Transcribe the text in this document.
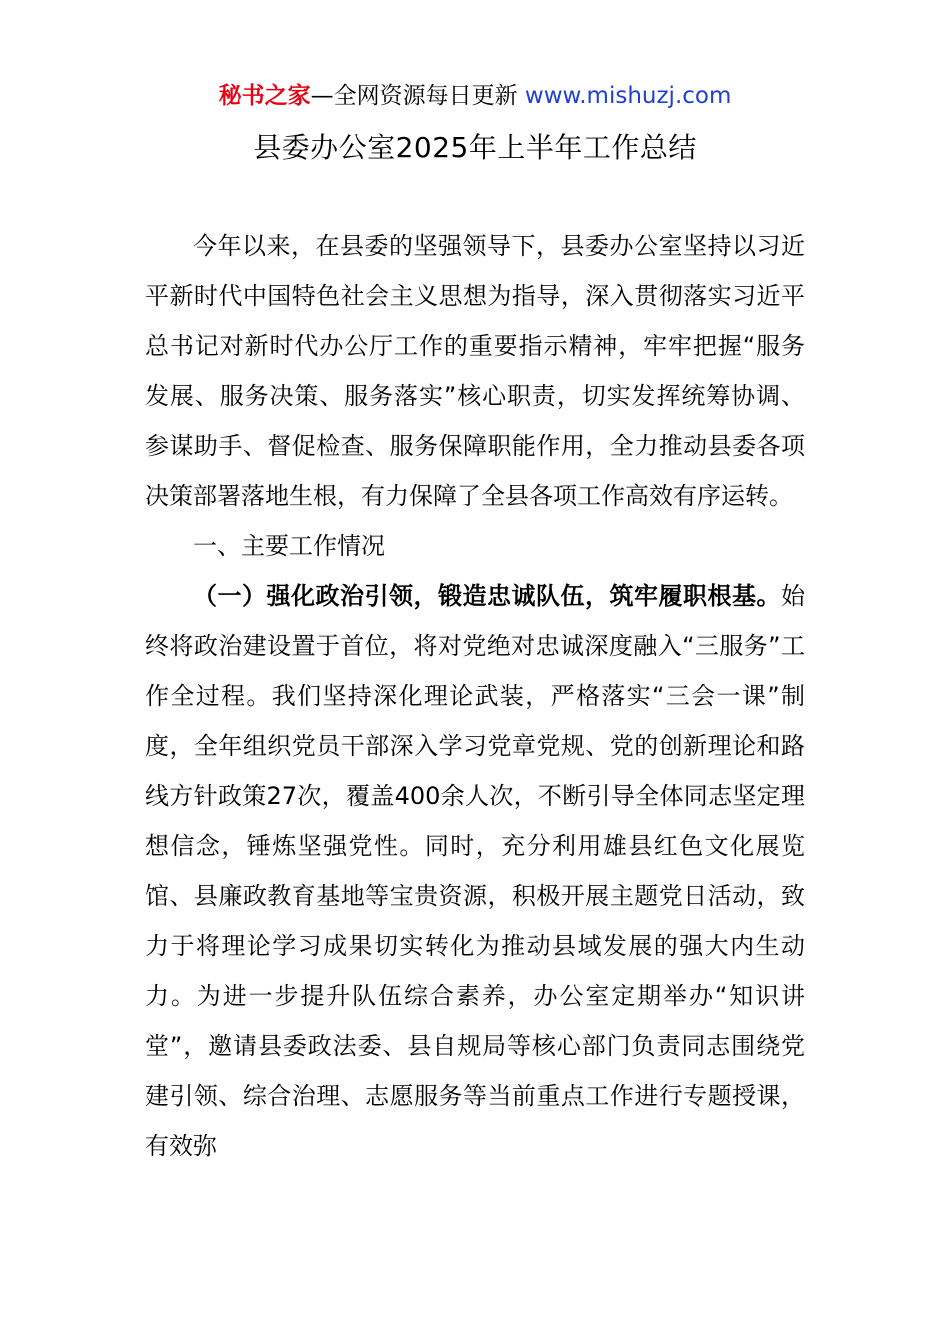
秘书之家—全网资源每日更新 www.mishuzj.com
县委办公室2025年上半年工作总结

今年以来，在县委的坚强领导下，县委办公室坚持以习近平新时代中国特色社会主义思想为指导，深入贯彻落实习近平总书记对新时代办公厅工作的重要指示精神，牢牢把握“服务发展、服务决策、服务落实”核心职责，切实发挥统筹协调、参谋助手、督促检查、服务保障职能作用，全力推动县委各项决策部署落地生根，有力保障了全县各项工作高效有序运转。

一、主要工作情况

（一）强化政治引领，锻造忠诚队伍，筑牢履职根基。始终将政治建设置于首位，将对党绝对忠诚深度融入“三服务”工作全过程。我们坚持深化理论武装，严格落实“三会一课”制度，全年组织党员干部深入学习党章党规、党的创新理论和路线方针政策27次，覆盖400余人次，不断引导全体同志坚定理想信念，锤炼坚强党性。同时，充分利用雄县红色文化展览馆、县廉政教育基地等宝贵资源，积极开展主题党日活动，致力于将理论学习成果切实转化为推动县域发展的强大内生动力。为进一步提升队伍综合素养，办公室定期举办“知识讲堂”，邀请县委政法委、县自规局等核心部门负责同志围绕党建引领、综合治理、志愿服务等当前重点工作进行专题授课，有效弥
